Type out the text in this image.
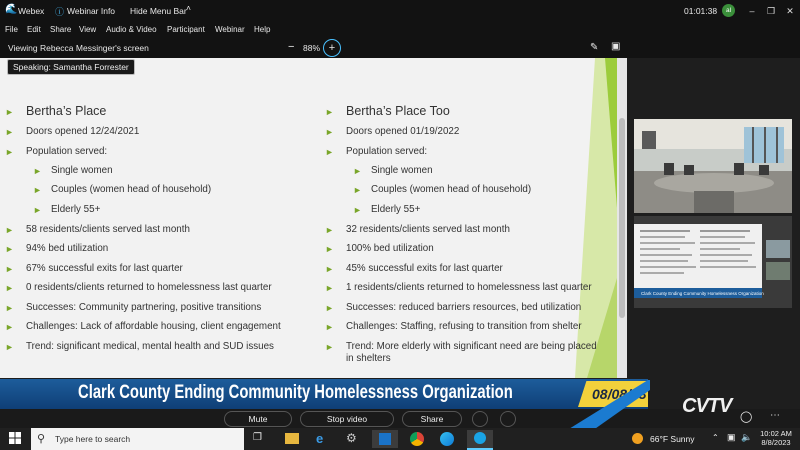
🌊 Webex ⓘ Webinar Info Hide Menu Bar ˄	01:01:38	al	–	❐	✕
File Edit Share View Audio & Video Participant Webinar Help
Viewing Rebecca Messinger's screen	− 88% +	✎ ▣
Speaking: Samantha Forrester
► Bertha’s Place
► Doors opened 12/24/2021
► Population served:
► Single women
► Couples (women head of household)
► Elderly 55+
► 58 residents/clients served last month
► 94% bed utilization
► 67% successful exits for last quarter
► 0 residents/clients returned to homelessness last quarter
► Successes: Community partnering, positive transitions
► Challenges: Lack of affordable housing, client engagement
► Trend: significant medical, mental health and SUD issues
► Bertha’s Place Too
► Doors opened 01/19/2022
► Population served:
► Single women
► Couples (women head of household)
► Elderly 55+
► 32 residents/clients served last month
► 100% bed utilization
► 45% successful exits for last quarter
► 1 residents/clients returned to homelessness last quarter
► Successes: reduced barriers resources, bed utilization
► Challenges: Staffing, refusing to transition from shelter
► Trend: More elderly with significant need are being placed
in shelters
Clark County Ending Community Homelessness Organization
Mute	Stop video	Share	◯ ⋯
Clark County Ending Community Homelessness Organization	08/08/23
CVTV
⚲ Type here to search	❐	e ⚙	66°F Sunny ⌃ ▣ 🔈 10:02 AM
8/8/2023
